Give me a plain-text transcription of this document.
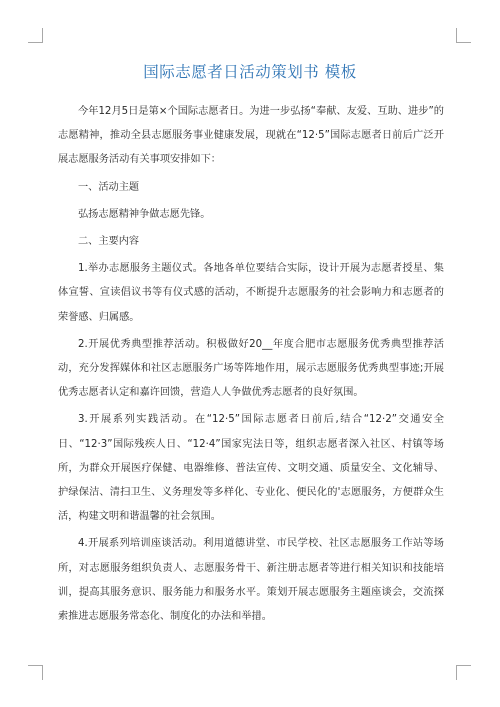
国际志愿者日活动策划书 模板

今年12月5日是第×个国际志愿者日。为进一步弘扬“奉献、友爱、互助、进步”的志愿精神，推动全县志愿服务事业健康发展，现就在“12·5”国际志愿者日前后广泛开展志愿服务活动有关事项安排如下：

一、活动主题

弘扬志愿精神争做志愿先锋。

二、主要内容

1.举办志愿服务主题仪式。各地各单位要结合实际，设计开展为志愿者授星、集体宣誓、宣读倡议书等有仪式感的活动，不断提升志愿服务的社会影响力和志愿者的荣誉感、归属感。

2.开展优秀典型推荐活动。积极做好20__年度合肥市志愿服务优秀典型推荐活动，充分发挥媒体和社区志愿服务广场等阵地作用，展示志愿服务优秀典型事迹;开展优秀志愿者认定和嘉许回馈，营造人人争做优秀志愿者的良好氛围。

3.开展系列实践活动。在“12·5”国际志愿者日前后,结合“12·2”交通安全日、“12·3”国际残疾人日、“12·4”国家宪法日等，组织志愿者深入社区、村镇等场所，为群众开展医疗保健、电器维修、普法宣传、文明交通、质量安全、文化辅导、护绿保洁、清扫卫生、义务理发等多样化、专业化、便民化的'志愿服务，方便群众生活，构建文明和谐温馨的社会氛围。

4.开展系列培训座谈活动。利用道德讲堂、市民学校、社区志愿服务工作站等场所，对志愿服务组织负责人、志愿服务骨干、新注册志愿者等进行相关知识和技能培训，提高其服务意识、服务能力和服务水平。策划开展志愿服务主题座谈会，交流探索推进志愿服务常态化、制度化的办法和举措。
